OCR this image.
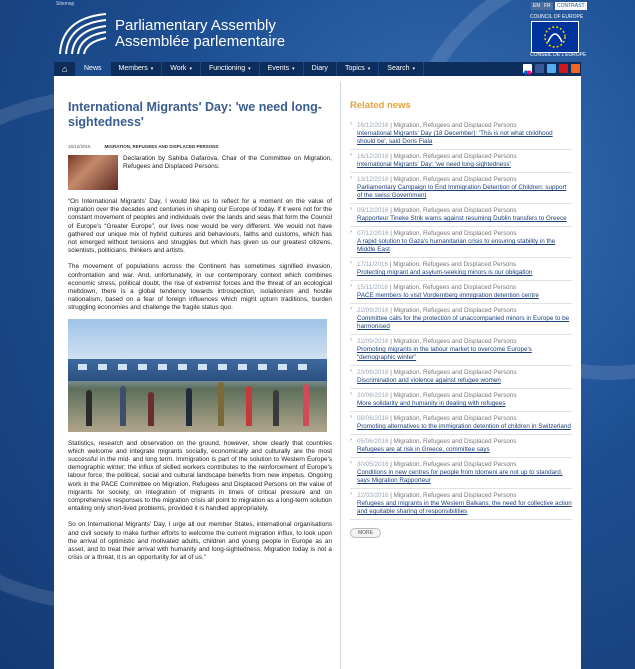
Sitemap
Parliamentary Assembly
Assemblée parlementaire
EN FR	CONTRAST
COUNCIL OF EUROPE
CONSEIL DE L'EUROPE
⌂	News	Members ▾	Work ▾	Functioning ▾	Events ▾	Diary	Topics ▾	Search ▾
International Migrants' Day: 'we need long-sightedness'
16/12/2016	MIGRATION, REFUGEES AND DISPLACED PERSONS

Declaration by Sahiba Gafarova, Chair of the Committee on Migration, Refugees and Displaced Persons:

“On International Migrants' Day, I would like us to reflect for a moment on the value of migration over the decades and centuries in shaping our Europe of today. If it were not for the constant movement of peoples and individuals over the lands and seas that form the Council of Europe's “Greater Europe”, our lives now would be very different. We would not have gathered our unique mix of hybrid cultures and behaviours, faiths and customs, which has not emerged without tensions and struggles but which has given us our greatest citizens, scientists, politicians, thinkers and artists.

The movement of populations across the Continent has sometimes signified invasion, confrontation and war. And, unfortunately, in our contemporary context which combines economic stress, political doubt, the rise of extremist forces and the threat of an ecological meltdown, there is a global tendency towards introspection, isolationism and hostile nationalism, based on a fear of foreign influences which might upturn traditions, burden struggling economies and challenge the fragile status quo.

Statistics, research and observation on the ground, however, show clearly that countries which welcome and integrate migrants socially, economically and culturally are the most successful in the mid- and long term. Immigration is part of the solution to Western Europe's demographic winter; the influx of skilled workers contributes to the reinforcement of Europe's labour force; the political, social and cultural landscape benefits from new impetus. Ongoing work in the PACE Committee on Migration, Refugees and Displaced Persons on the value of migrants for society, on integration of migrants in times of critical pressure and on comprehensive responses to the migration crisis all point to migration as a long-term solution entailing only short-lived problems, provided it is handled appropriately.

So on International Migrants' Day, I urge all our member States, international organisations and civil society to make further efforts to welcome the current migration influx, to look upon the arrival of optimistic and motivated adults, children and young people in Europe as an asset, and to treat their arrival with humanity and long-sightedness. Migration today is not a crisis or a threat, it is an opportunity for all of us.”

Related news
› 16/12/2016 | Migration, Refugees and Displaced Persons
International Migrants' Day (18 December): 'This is not what childhood should be', said Doris Fiala
› 16/12/2016 | Migration, Refugees and Displaced Persons
International Migrants' Day: 'we need long-sightedness'
› 13/12/2016 | Migration, Refugees and Displaced Persons
Parliamentary Campaign to End Immigration Detention of Children: support of the swiss Government
› 09/12/2016 | Migration, Refugees and Displaced Persons
Rapporteur Tineke Strik warns against resuming Dublin transfers to Greece
› 07/12/2016 | Migration, Refugees and Displaced Persons
A rapid solution to Gaza's humanitarian crisis to ensuring stability in the Middle East
› 17/11/2016 | Migration, Refugees and Displaced Persons
Protecting migrant and asylum-seeking minors is our obligation
› 15/11/2016 | Migration, Refugees and Displaced Persons
PACE members to visit Vordernberg immigration detention centre
› 22/09/2016 | Migration, Refugees and Displaced Persons
Committee calls for the protection of unaccompanied minors in Europe to be harmonised
› 22/09/2016 | Migration, Refugees and Displaced Persons
Promoting migrants in the labour market to overcome Europe's “demographic winter”
› 23/06/2016 | Migration, Refugees and Displaced Persons
Discrimination and violence against refugee women
› 20/06/2016 | Migration, Refugees and Displaced Persons
More solidarity and humanity in dealing with refugees
› 08/06/2016 | Migration, Refugees and Displaced Persons
Promoting alternatives to the immigration detention of children in Switzerland
› 05/06/2016 | Migration, Refugees and Displaced Persons
Refugees are at risk in Greece, committee says
› 30/05/2016 | Migration, Refugees and Displaced Persons
Conditions in new centres for people from Idomeni are not up to standard, says Migration Rapporteur
› 22/03/2016 | Migration, Refugees and Displaced Persons
Refugees and migrants in the Western Balkans: the need for collective action and equitable sharing of responsibilities
MORE
